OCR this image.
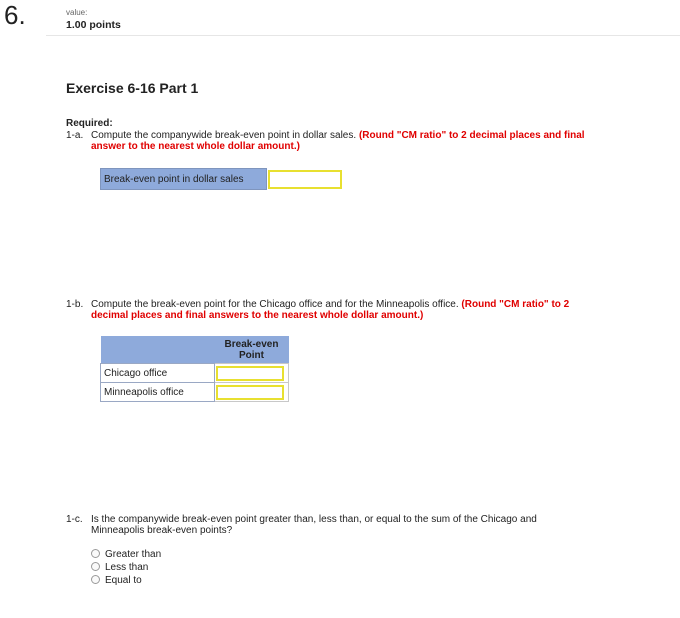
6.	value:
1.00 points
Exercise 6-16 Part 1
Required:
1-a. Compute the companywide break-even point in dollar sales. (Round "CM ratio" to 2 decimal places and final answer to the nearest whole dollar amount.)
Break-even point in dollar sales	
1-b. Compute the break-even point for the Chicago office and for the Minneapolis office. (Round "CM ratio" to 2 decimal places and final answers to the nearest whole dollar amount.)
	Break-even Point
Chicago office	

Minneapolis office	
1-c. Is the companywide break-even point greater than, less than, or equal to the sum of the Chicago and Minneapolis break-even points?
Greater than
Less than
Equal to
